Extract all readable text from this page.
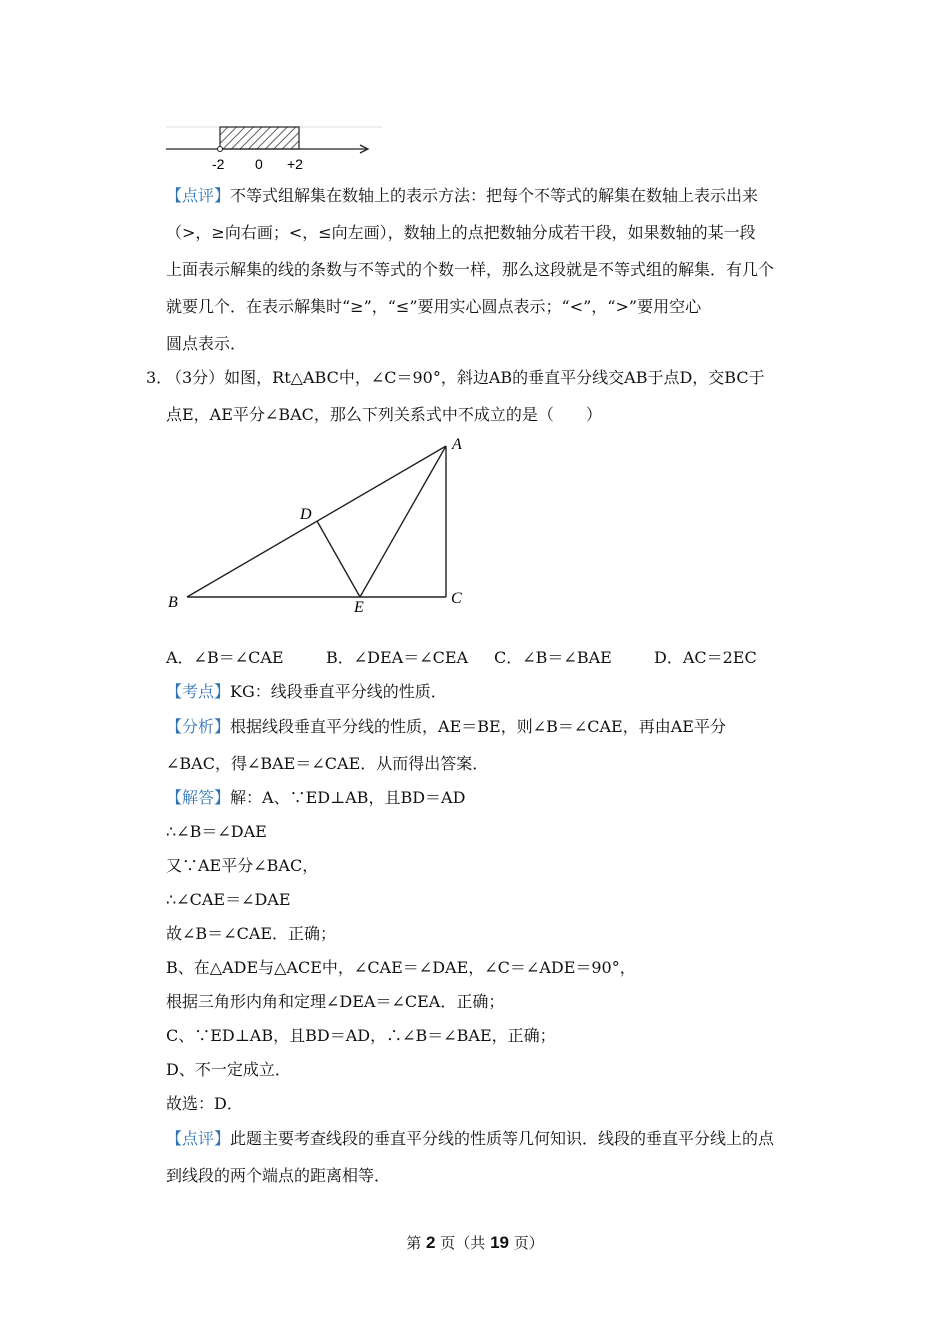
-2 0 +2
【点评】不等式组解集在数轴上的表示方法：把每个不等式的解集在数轴上表示出来
（>，≥向右画；<，≤向左画），数轴上的点把数轴分成若干段，如果数轴的某一段
上面表示解集的线的条数与不等式的个数一样，那么这段就是不等式组的解集．有几个
就要几个．在表示解集时“≥”，“≤”要用实心圆点表示；“<”，“>”要用空心
圆点表示．
3．
（3分）如图，Rt△ABC中，∠C＝90°，斜边AB的垂直平分线交AB于点D，交BC于
点E，AE平分∠BAC，那么下列关系式中不成立的是（　　）
A
B	C
D
E
A．∠B＝∠CAE	B．∠DEA＝∠CEA C．∠B＝∠BAE	D．AC＝2EC
【考点】KG：线段垂直平分线的性质．
【分析】根据线段垂直平分线的性质，AE＝BE，则∠B＝∠CAE，再由AE平分
∠BAC，得∠BAE＝∠CAE．从而得出答案．
【解答】解：A、∵ED⊥AB，且BD＝AD
∴∠B＝∠DAE
又∵AE平分∠BAC，
∴∠CAE＝∠DAE
故∠B＝∠CAE．正确；
B、在△ADE与△ACE中，∠CAE＝∠DAE，∠C＝∠ADE＝90°，
根据三角形内角和定理∠DEA＝∠CEA．正确；
C、∵ED⊥AB，且BD＝AD，∴∠B＝∠BAE，正确；
D、不一定成立．
故选：D．
【点评】此题主要考查线段的垂直平分线的性质等几何知识．线段的垂直平分线上的点
到线段的两个端点的距离相等．
第 2 页（共 19 页）
